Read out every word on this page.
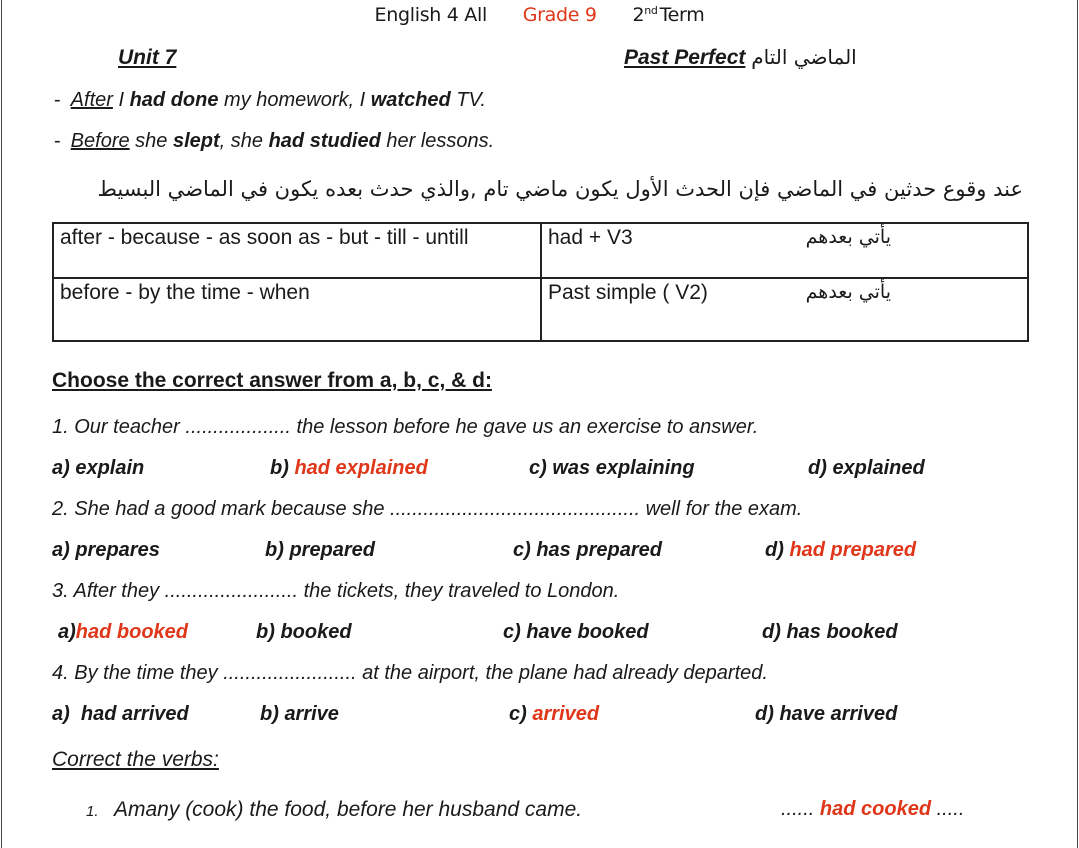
English 4 All Grade 9 2nd Term
Unit 7	Past Perfect الماضي التام
- After I had done my homework, I watched TV.
- Before she slept, she had studied her lessons.
عند وقوع حدثين في الماضي فإن الحدث الأول يكون ماضي تام ,والذي حدث بعده يكون في الماضي البسيط
after - because - as soon as - but - till - untill	had + V3 يأتي بعدهم

before - by the time - when	Past simple ( V2) يأتي بعدهم
Choose the correct answer from a, b, c, & d:
1. Our teacher ................... the lesson before he gave us an exercise to answer.
a) explain	b) had explained	c) was explaining	d) explained
2. She had a good mark because she ............................................. well for the exam.
a) prepares	b) prepared	c) has prepared	d) had prepared
3. After they ........................ the tickets, they traveled to London.
a)had booked	b) booked	c) have booked	d) has booked
4. By the time they ........................ at the airport, the plane had already departed.
a)  had arrived	b) arrive	c) arrived	d) have arrived
Correct the verbs:
1. Amany (cook) the food, before her husband came.	...... had cooked .....
